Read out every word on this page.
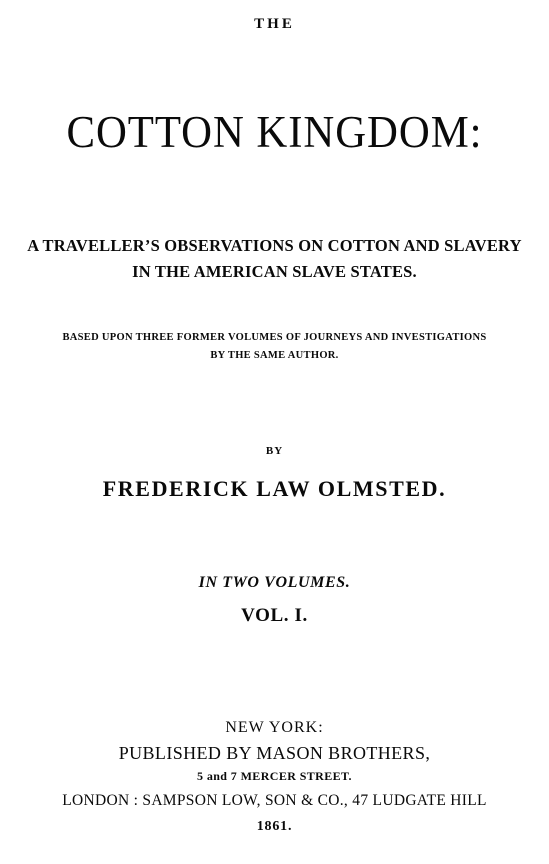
THE
COTTON KINGDOM:
A TRAVELLER’S OBSERVATIONS ON COTTON AND SLAVERY
IN THE AMERICAN SLAVE STATES.
BASED UPON THREE FORMER VOLUMES OF JOURNEYS AND INVESTIGATIONS
BY THE SAME AUTHOR.
BY
FREDERICK LAW OLMSTED.
IN TWO VOLUMES.
VOL. I.
NEW YORK:
PUBLISHED BY MASON BROTHERS,
5 and 7 MERCER STREET.
LONDON : SAMPSON LOW, SON & CO., 47 LUDGATE HILL
1861.
